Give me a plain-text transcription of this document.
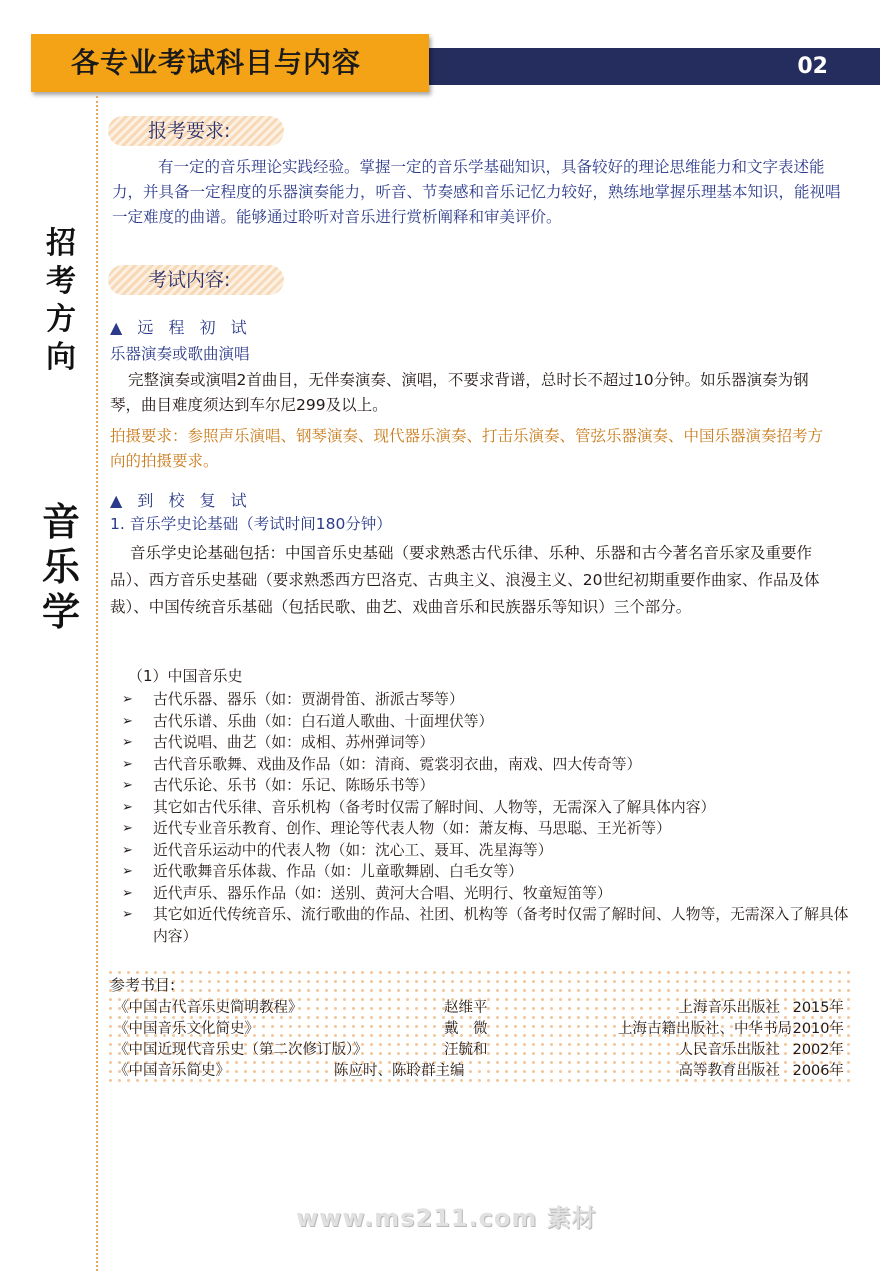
02
各专业考试科目与内容
招
考
方
向
音
乐
学
报考要求:
有一定的音乐理论实践经验。掌握一定的音乐学基础知识，具备较好的理论思维能力和文字表述能力，并具备一定程度的乐器演奏能力，听音、节奏感和音乐记忆力较好，熟练地掌握乐理基本知识，能视唱一定难度的曲谱。能够通过聆听对音乐进行赏析阐释和审美评价。
考试内容:
▲ 远 程 初 试
乐器演奏或歌曲演唱
完整演奏或演唱2首曲目，无伴奏演奏、演唱，不要求背谱，总时长不超过10分钟。如乐器演奏为钢琴，曲目难度须达到车尔尼299及以上。
拍摄要求：参照声乐演唱、钢琴演奏、现代器乐演奏、打击乐演奏、管弦乐器演奏、中国乐器演奏招考方向的拍摄要求。
▲ 到 校 复 试
1. 音乐学史论基础（考试时间180分钟）
音乐学史论基础包括：中国音乐史基础（要求熟悉古代乐律、乐种、乐器和古今著名音乐家及重要作品）、西方音乐史基础（要求熟悉西方巴洛克、古典主义、浪漫主义、20世纪初期重要作曲家、作品及体裁）、中国传统音乐基础（包括民歌、曲艺、戏曲音乐和民族器乐等知识）三个部分。
（1）中国音乐史
➢ 古代乐器、器乐（如：贾湖骨笛、浙派古琴等）
➢ 古代乐谱、乐曲（如：白石道人歌曲、十面埋伏等）
➢ 古代说唱、曲艺（如：成相、苏州弹词等）
➢ 古代音乐歌舞、戏曲及作品（如：清商、霓裳羽衣曲，南戏、四大传奇等）
➢ 古代乐论、乐书（如：乐记、陈旸乐书等）
➢ 其它如古代乐律、音乐机构（备考时仅需了解时间、人物等，无需深入了解具体内容）
➢ 近代专业音乐教育、创作、理论等代表人物（如：萧友梅、马思聪、王光祈等）
➢ 近代音乐运动中的代表人物（如：沈心工、聂耳、冼星海等）
➢ 近代歌舞音乐体裁、作品（如：儿童歌舞剧、白毛女等）
➢ 近代声乐、器乐作品（如：送别、黄河大合唱、光明行、牧童短笛等）
➢ 其它如近代传统音乐、流行歌曲的作品、社团、机构等（备考时仅需了解时间、人物等，无需深入了解具体内容）
参考书目:
《中国古代音乐史简明教程》	赵维平	上海音乐出版社 2015年
《中国音乐文化简史》	戴　微	上海古籍出版社、中华书局 2010年
《中国近现代音乐史（第二次修订版）》	汪毓和	人民音乐出版社 2002年
《中国音乐简史》	陈应时、陈聆群主编	高等教育出版社 2006年
www.ms211.com 素材
